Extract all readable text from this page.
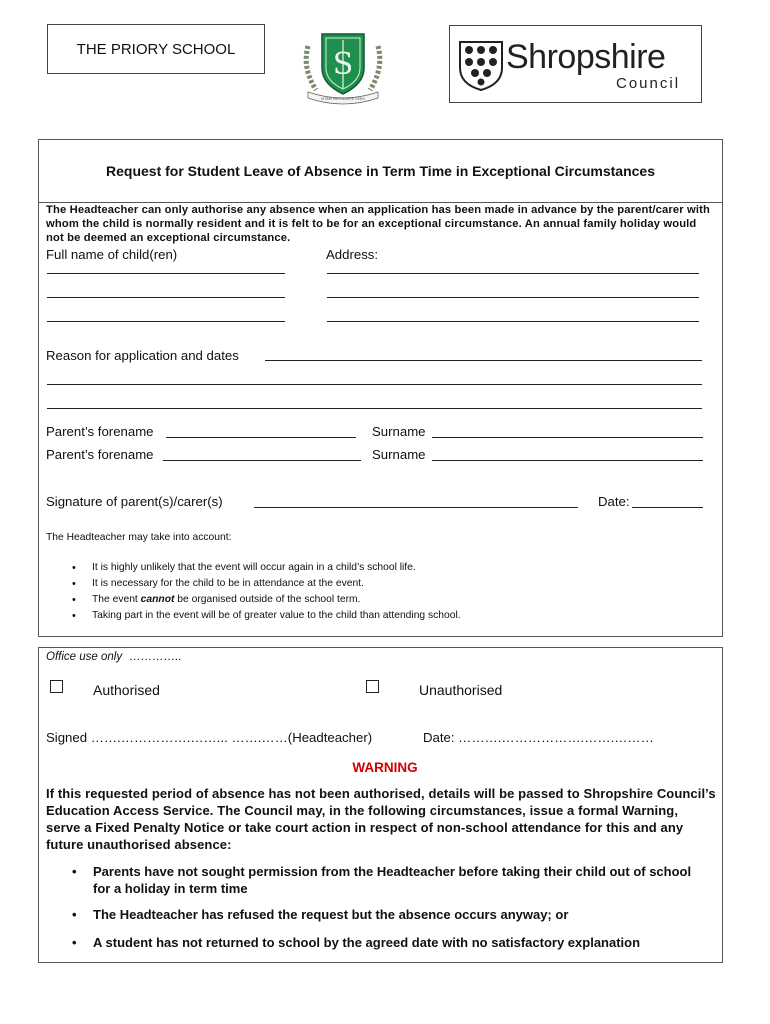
THE PRIORY SCHOOL	S
VITAM IMPENDERE VERO
Shropshire
Council
Request for Student Leave of Absence in Term Time in Exceptional Circumstances
The Headteacher can only authorise any absence when an application has been made in advance by the parent/carer with whom the child is normally resident and it is felt to be for an exceptional circumstance. An annual family holiday would not be deemed an exceptional circumstance.
Full name of child(ren)	Address:
Reason for application and dates
Parent’s forename	Surname
Parent’s forename	Surname
Signature of parent(s)/carer(s)	Date:
The Headteacher may take into account:
• It is highly unlikely that the event will occur again in a child’s school life.
• It is necessary for the child to be in attendance at the event.
• The event cannot be organised outside of the school term.
• Taking part in the event will be of greater value to the child than attending school.
Office use only …………..
Authorised	Unauthorised
Signed …….…………….……... …….……(Headteacher)	Date: ……….……………….…….………
WARNING
If this requested period of absence has not been authorised, details will be passed to Shropshire Council’s Education Access Service. The Council may, in the following circumstances, issue a formal Warning, serve a Fixed Penalty Notice or take court action in respect of non-school attendance for this and any future unauthorised absence:
• Parents have not sought permission from the Headteacher before taking their child out of school for a holiday in term time
• The Headteacher has refused the request but the absence occurs anyway; or
• A student has not returned to school by the agreed date with no satisfactory explanation
